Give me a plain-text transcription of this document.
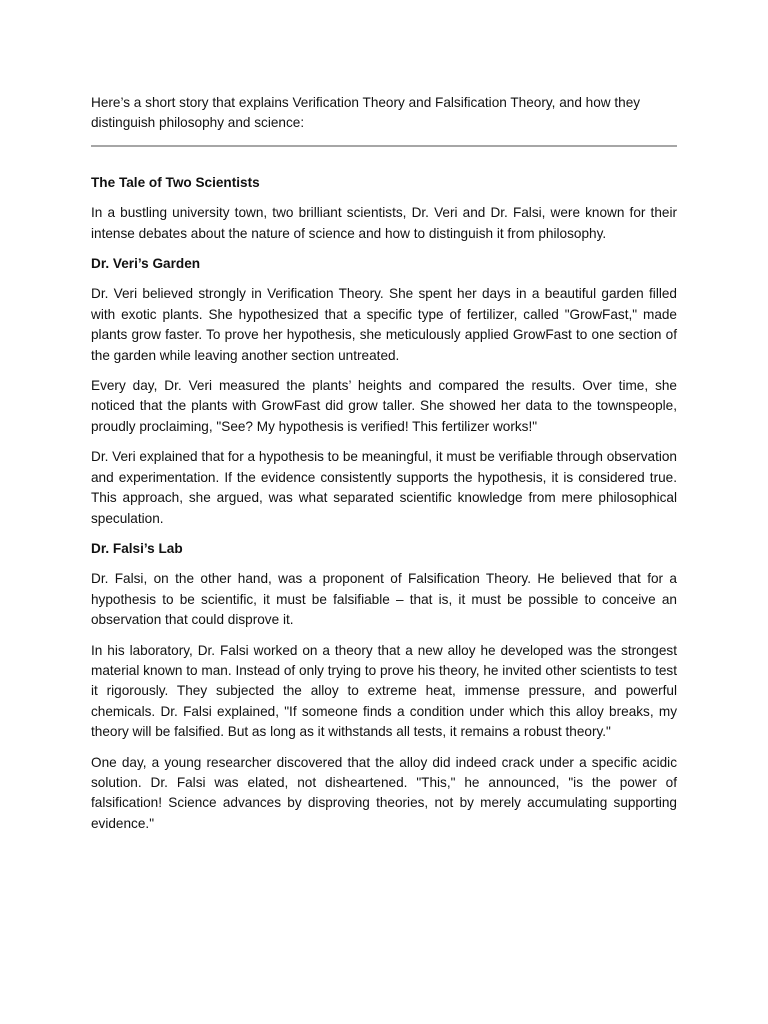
Here’s a short story that explains Verification Theory and Falsification Theory, and how they distinguish philosophy and science:

The Tale of Two Scientists

In a bustling university town, two brilliant scientists, Dr. Veri and Dr. Falsi, were known for their intense debates about the nature of science and how to distinguish it from philosophy.

Dr. Veri’s Garden

Dr. Veri believed strongly in Verification Theory. She spent her days in a beautiful garden filled with exotic plants. She hypothesized that a specific type of fertilizer, called "GrowFast," made plants grow faster. To prove her hypothesis, she meticulously applied GrowFast to one section of the garden while leaving another section untreated.

Every day, Dr. Veri measured the plants’ heights and compared the results. Over time, she noticed that the plants with GrowFast did grow taller. She showed her data to the townspeople, proudly proclaiming, "See? My hypothesis is verified! This fertilizer works!"

Dr. Veri explained that for a hypothesis to be meaningful, it must be verifiable through observation and experimentation. If the evidence consistently supports the hypothesis, it is considered true. This approach, she argued, was what separated scientific knowledge from mere philosophical speculation.

Dr. Falsi’s Lab

Dr. Falsi, on the other hand, was a proponent of Falsification Theory. He believed that for a hypothesis to be scientific, it must be falsifiable – that is, it must be possible to conceive an observation that could disprove it.

In his laboratory, Dr. Falsi worked on a theory that a new alloy he developed was the strongest material known to man. Instead of only trying to prove his theory, he invited other scientists to test it rigorously. They subjected the alloy to extreme heat, immense pressure, and powerful chemicals. Dr. Falsi explained, "If someone finds a condition under which this alloy breaks, my theory will be falsified. But as long as it withstands all tests, it remains a robust theory."

One day, a young researcher discovered that the alloy did indeed crack under a specific acidic solution. Dr. Falsi was elated, not disheartened. "This," he announced, "is the power of falsification! Science advances by disproving theories, not by merely accumulating supporting evidence."
